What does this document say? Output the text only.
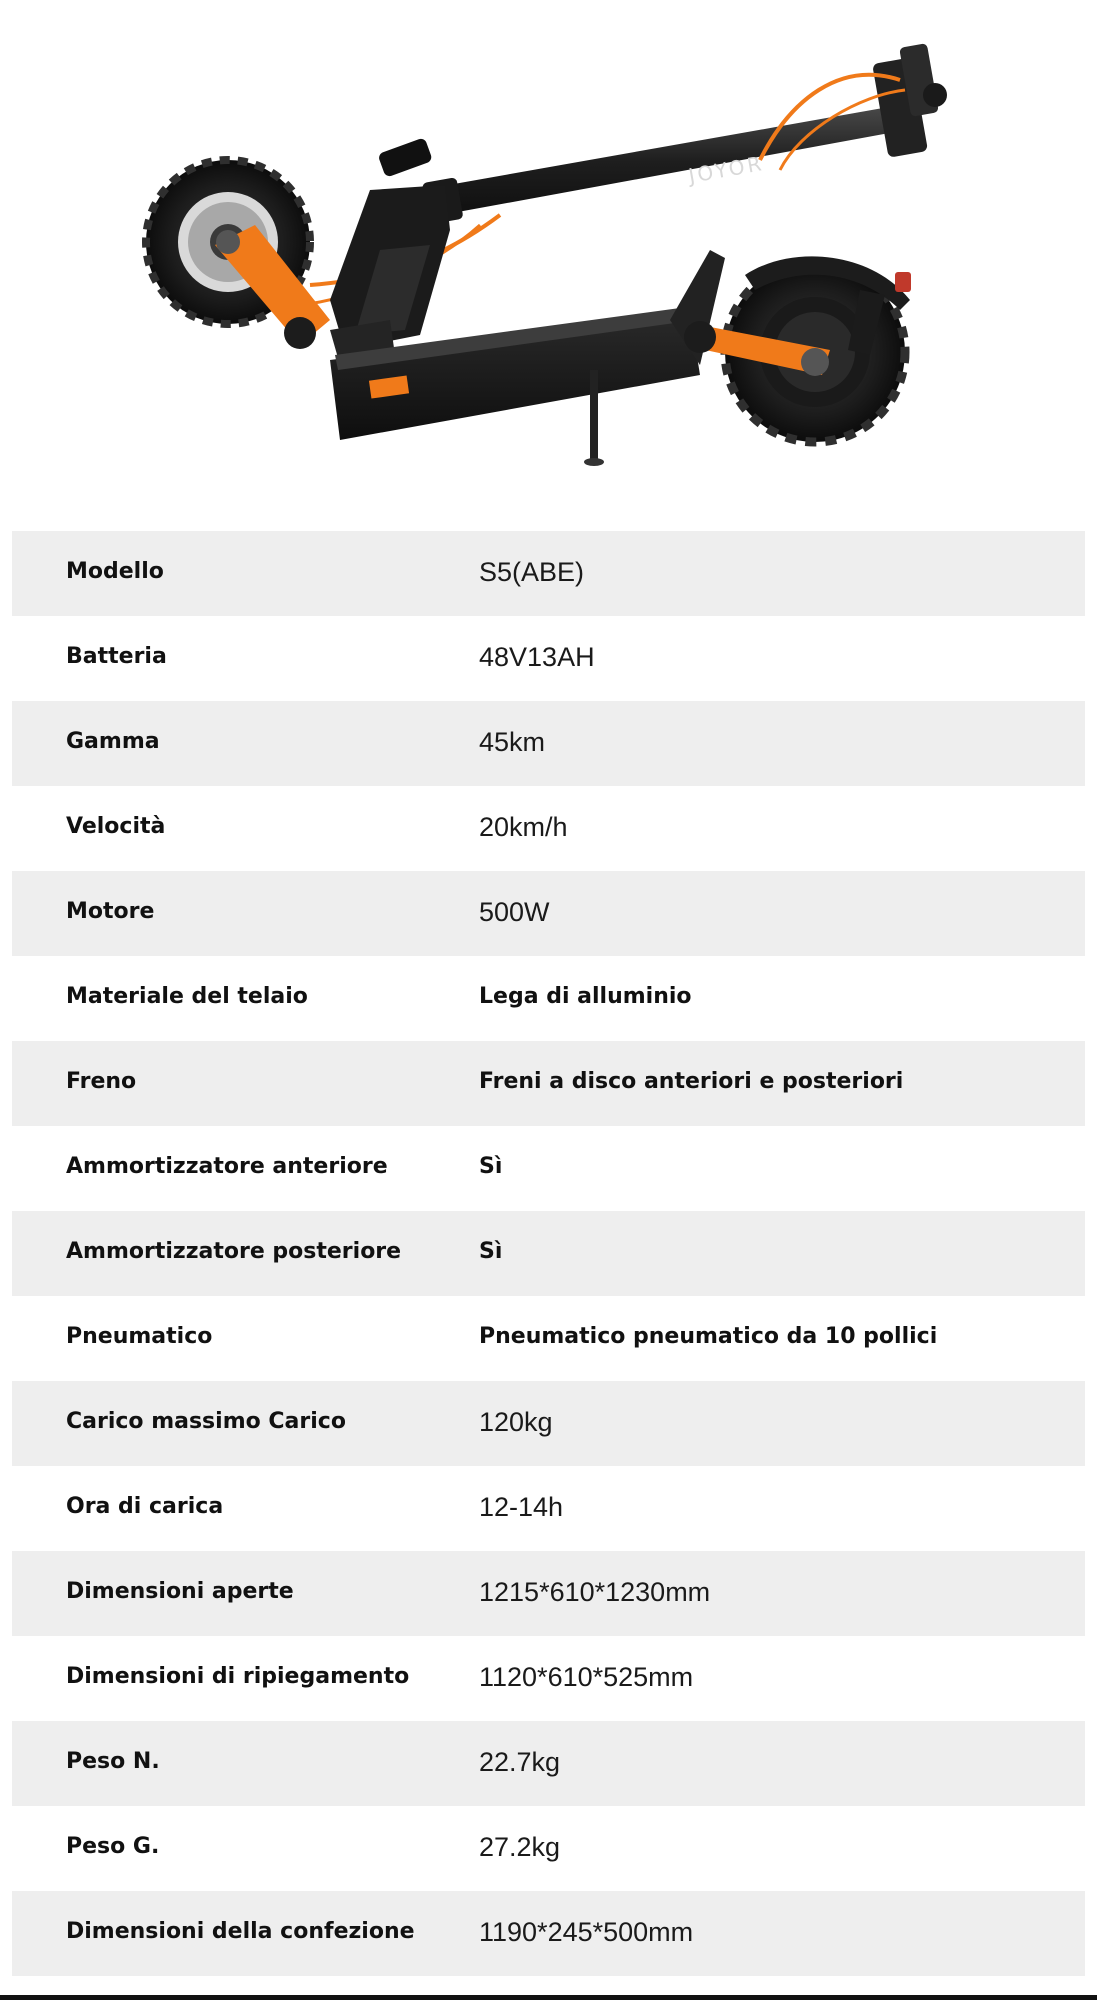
JOYOR
Modello	S5(ABE)
Batteria	48V13AH
Gamma	45km
Velocità	20km/h
Motore	500W
Materiale del telaio	Lega di alluminio
Freno	Freni a disco anteriori e posteriori
Ammortizzatore anteriore	Sì
Ammortizzatore posteriore	Sì
Pneumatico	Pneumatico pneumatico da 10 pollici
Carico massimo Carico	120kg
Ora di carica	12-14h
Dimensioni aperte	1215*610*1230mm
Dimensioni di ripiegamento	1120*610*525mm
Peso N.	22.7kg
Peso G.	27.2kg
Dimensioni della confezione 1190*245*500mm
